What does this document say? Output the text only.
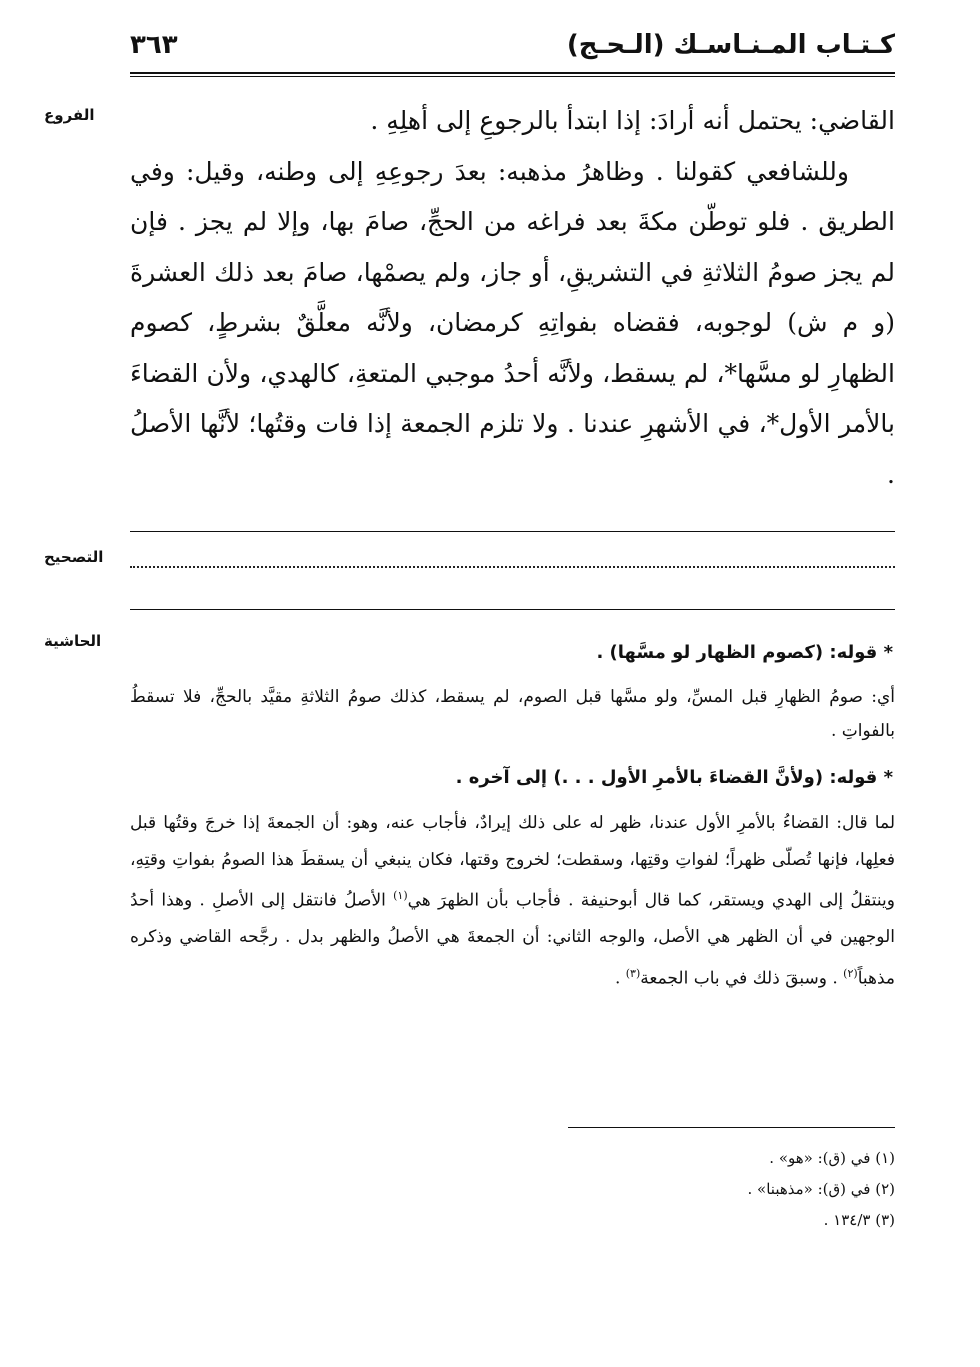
كـتـاب المـنـاسـك (الـحـج)
٣٦٣
الفروع
التصحيح
الحاشية

القاضي: يحتمل أنه أرادَ: إذا ابتدأ بالرجوعِ إلى أهلِهِ .

وللشافعي كقولنا . وظاهرُ مذهبه: بعدَ رجوعِهِ إلى وطنه، وقيل: وفي الطريق . فلو توطّن مكةَ بعد فراغه من الحجِّ، صامَ بها، وإلا لم يجز . فإن لم يجز صومُ الثلاثةِ في التشريقِ، أو جاز، ولم يصمْها، صامَ بعد ذلك العشرةَ (و م ش) لوجوبه، فقضاه بفواتِهِ كرمضان، ولأنَّه معلَّقٌ بشرطٍ، كصوم الظهارِ لو مسَّها*، لم يسقط، ولأنَّه أحدُ موجبي المتعةِ، كالهدي، ولأن القضاءَ بالأمر الأول*، في الأشهرِ عندنا . ولا تلزم الجمعة إذا فات وقتُها؛ لأنَّها الأصلُ .

* قوله: (كصوم الظهار لو مسَّها) .

أي: صومُ الظهارِ قبل المسِّ، ولو مسَّها قبل الصوم، لم يسقط، كذلك صومُ الثلاثةِ مقيَّد بالحجِّ، فلا تسقطُ بالفواتِ .

* قوله: (ولأنَّ القضاءَ بالأمرِ الأول . . .) إلى آخره .

لما قال: القضاءُ بالأمرِ الأول عندنا، ظهر له على ذلك إيرادٌ، فأجاب عنه، وهو: أن الجمعةَ إذا خرجَ وقتُها قبل فعلِها، فإنها تُصلّى ظهراً؛ لفواتِ وقتِها، وسقطت؛ لخروج وقتها، فكان ينبغي أن يسقطَ هذا الصومُ بفواتِ وقتِهِ، وينتقلُ إلى الهدي ويستقر، كما قال أبوحنيفة . فأجاب بأن الظهرَ هي$^{(١)}$ الأصلُ فانتقل إلى الأصلِ . وهذا أحدُ الوجهين في أن الظهر هي الأصل، والوجه الثاني: أن الجمعةَ هي الأصلُ والظهر بدل . رجَّحه القاضي وذكره مذهباً$^{(٢)}$ . وسبقَ ذلك في باب الجمعة$^{(٣)}$ .

(١) في (ق): «هو» .
(٢) في (ق): «مذهبنا» .
(٣) ١٣٤/٣ .
